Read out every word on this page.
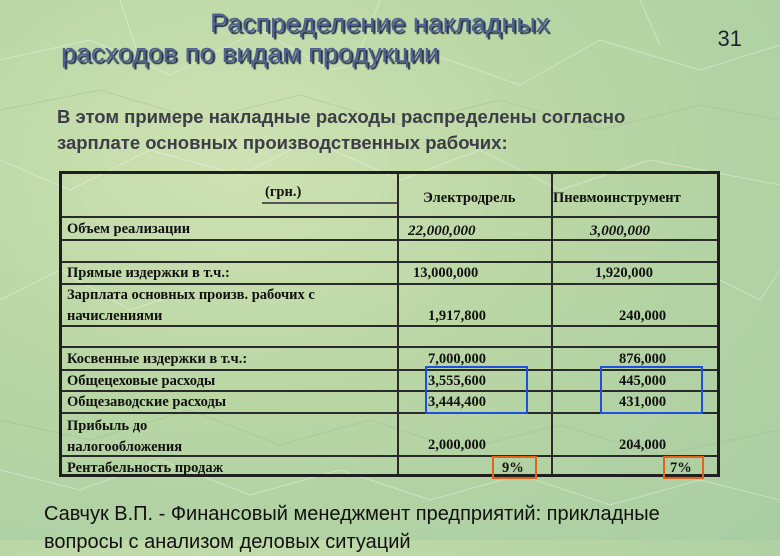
Распределение накладных
расходов по видам продукции	31
В этом примере накладные расходы распределены согласно
зарплате основных производственных рабочих:
(грн.)	Электродрель	Пневмоинструмент
Объем реализации	22,000,000	3,000,000
Прямые издержки в т.ч.:	13,000,000	1,920,000
Зарплата основных произв. рабочих с
начислениями	1,917,800	240,000
Косвенные издержки в т.ч.:	7,000,000	876,000
Общецеховые расходы	3,555,600	445,000
Общезаводские расходы	3,444,400	431,000
Прибыль до
налогообложения	2,000,000	204,000
Рентабельность продаж	9%	7%
Савчук В.П. - Финансовый менеджмент предприятий: прикладные
вопросы с анализом деловых ситуаций
